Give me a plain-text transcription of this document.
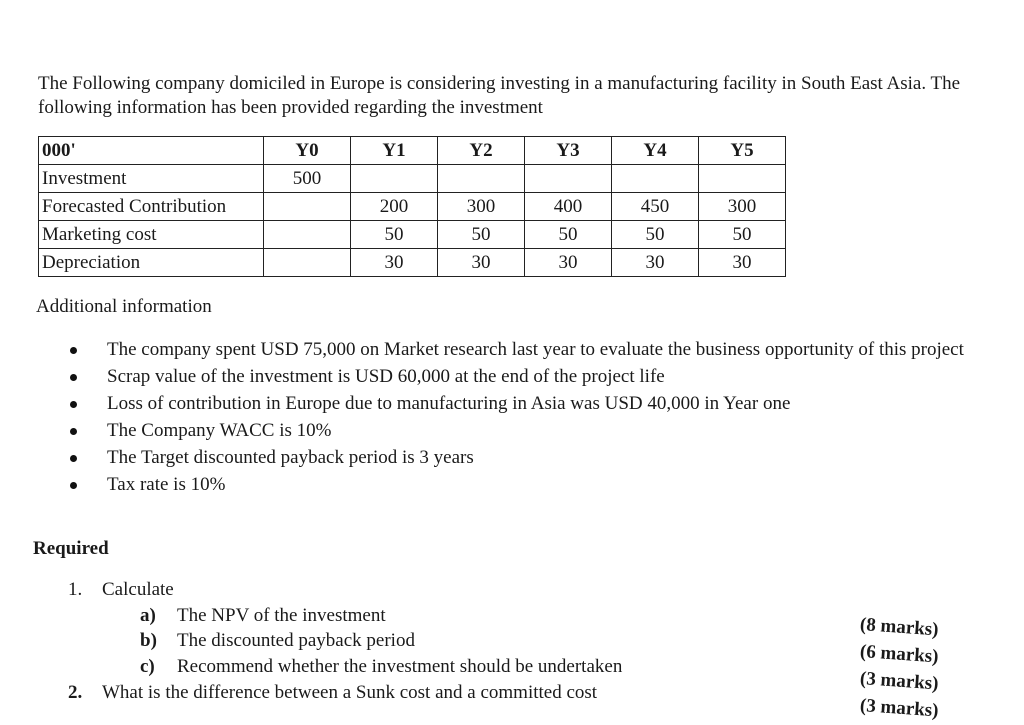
The Following company domiciled in Europe is considering investing in a manufacturing facility in South East Asia. The following information has been provided regarding the investment
000'	Y0	Y1	Y2	Y3	Y4	Y5
Investment	500					
Forecasted Contribution		200	300	400	450	300
Marketing cost		50	50	50	50	50
Depreciation		30	30	30	30	30
Additional information
The company spent USD 75,000 on Market research last year to evaluate the business opportunity of this project
Scrap value of the investment is USD 60,000 at the end of the project life
Loss of contribution in Europe due to manufacturing in Asia was USD 40,000 in Year one
The Company WACC is 10%
The Target discounted payback period is 3 years
Tax rate is 10%
Required
1. Calculate
a) The NPV of the investment
b) The discounted payback period
c) Recommend whether the investment should be undertaken
2. What is the difference between a Sunk cost and a committed cost
(8 marks)
(6 marks)
(3 marks)
(3 marks)
